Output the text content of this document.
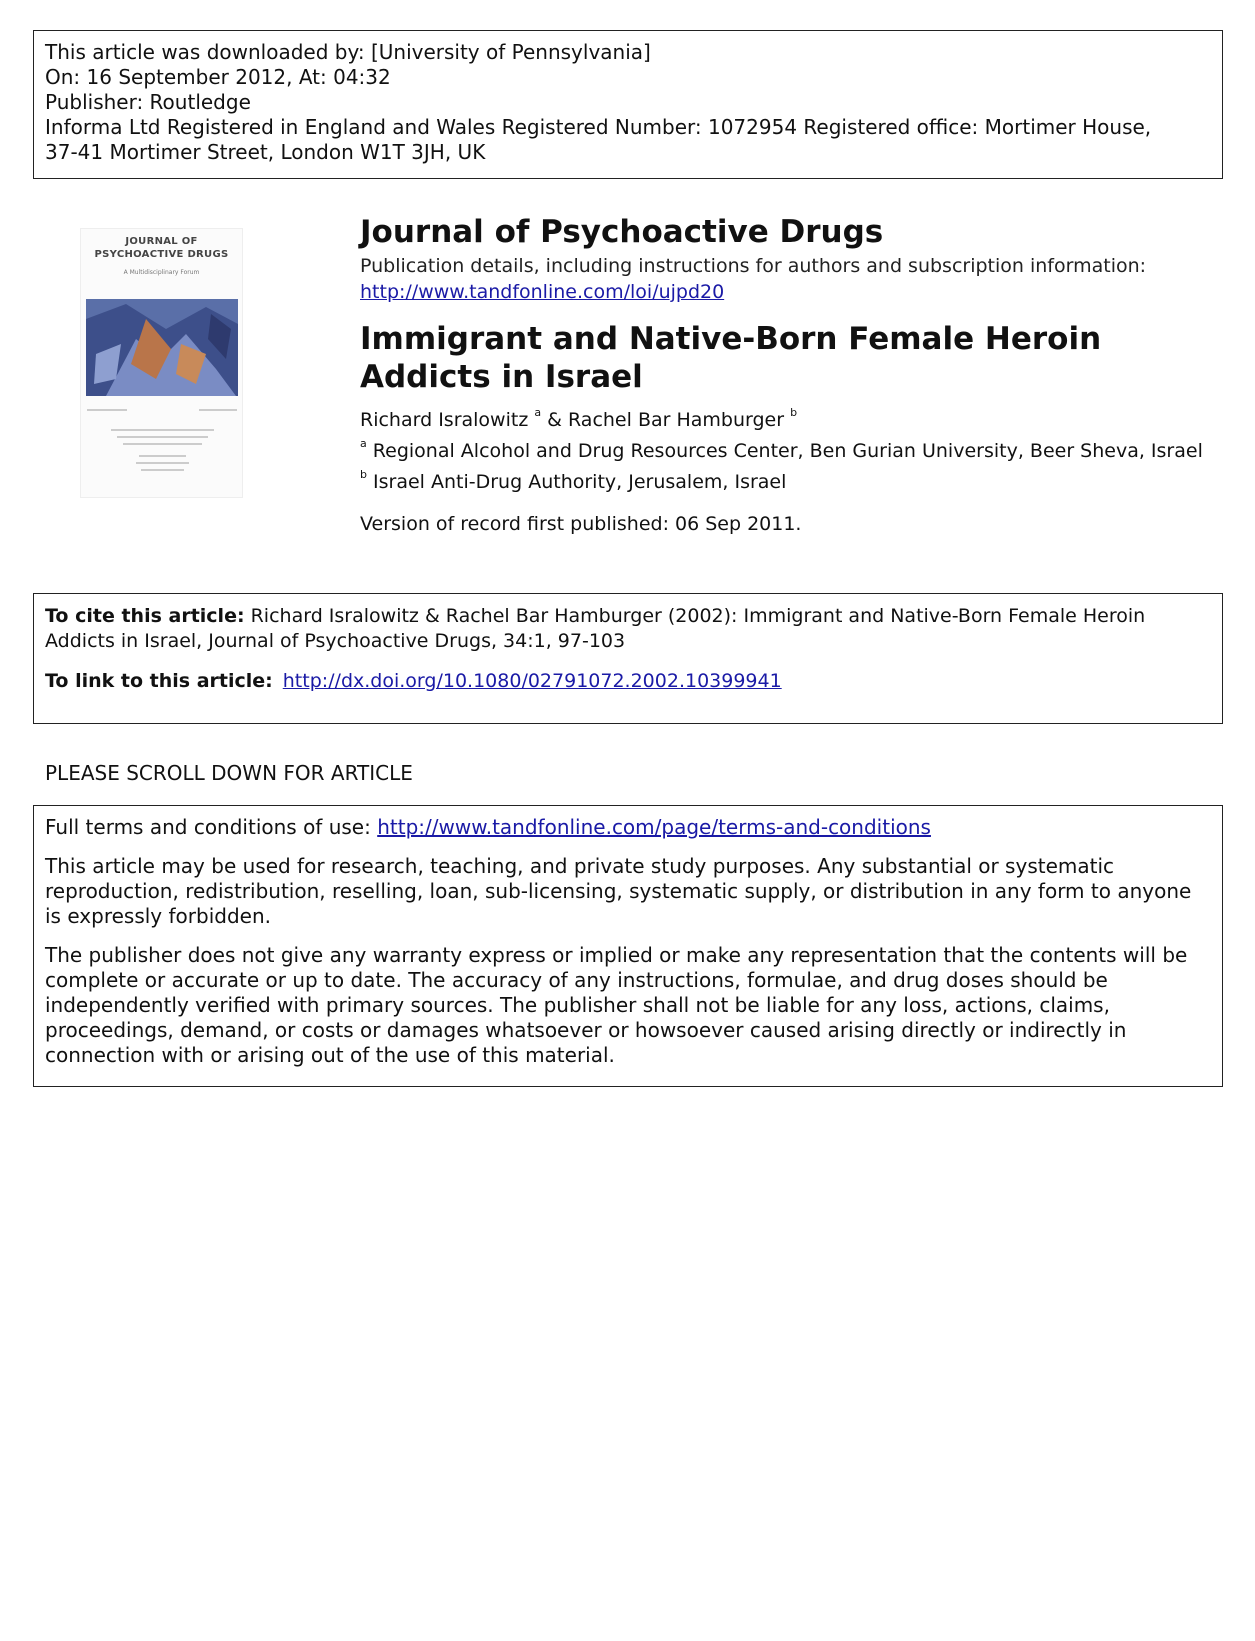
This article was downloaded by: [University of Pennsylvania]
On: 16 September 2012, At: 04:32
Publisher: Routledge
Informa Ltd Registered in England and Wales Registered Number: 1072954 Registered office: Mortimer House,
37-41 Mortimer Street, London W1T 3JH, UK
JOURNAL OF
PSYCHOACTIVE DRUGS
A Multidisciplinary Forum
Journal of Psychoactive Drugs
Publication details, including instructions for authors and subscription information:
http://www.tandfonline.com/loi/ujpd20
Immigrant and Native-Born Female Heroin Addicts in Israel
Richard Isralowitz $^a$ & Rachel Bar Hamburger $^b$
$^a$ Regional Alcohol and Drug Resources Center, Ben Gurian University, Beer Sheva, Israel
$^b$ Israel Anti-Drug Authority, Jerusalem, Israel
Version of record first published: 06 Sep 2011.
To cite this article: Richard Isralowitz & Rachel Bar Hamburger (2002): Immigrant and Native-Born Female Heroin Addicts in Israel, Journal of Psychoactive Drugs, 34:1, 97-103
To link to this article: http://dx.doi.org/10.1080/02791072.2002.10399941
PLEASE SCROLL DOWN FOR ARTICLE

Full terms and conditions of use: http://www.tandfonline.com/page/terms-and-conditions

This article may be used for research, teaching, and private study purposes. Any substantial or systematic reproduction, redistribution, reselling, loan, sub-licensing, systematic supply, or distribution in any form to anyone is expressly forbidden.

The publisher does not give any warranty express or implied or make any representation that the contents will be complete or accurate or up to date. The accuracy of any instructions, formulae, and drug doses should be independently verified with primary sources. The publisher shall not be liable for any loss, actions, claims, proceedings, demand, or costs or damages whatsoever or howsoever caused arising directly or indirectly in connection with or arising out of the use of this material.
